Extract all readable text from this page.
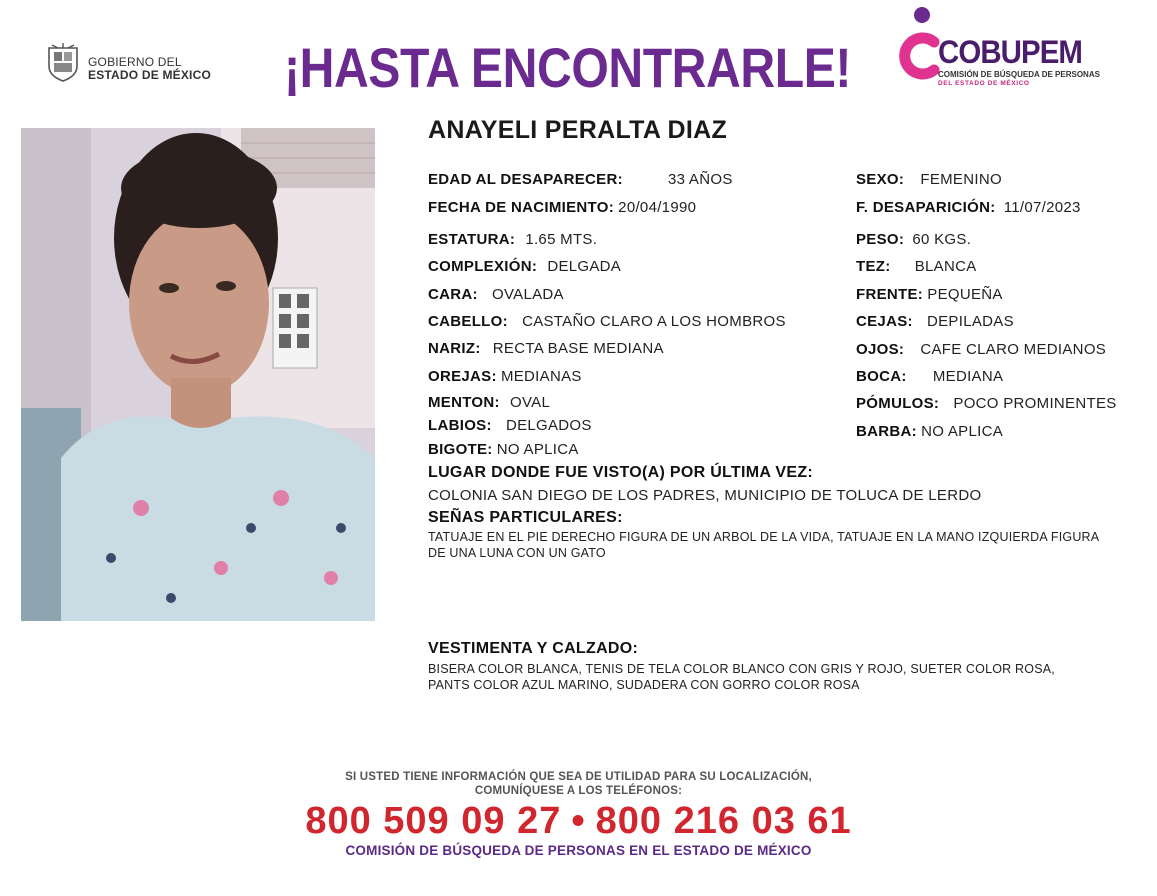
GOBIERNO DEL
ESTADO DE MÉXICO ¡HASTA ENCONTRARLE!	COBUPEM
COMISIÓN DE BÚSQUEDA DE PERSONAS
DEL ESTADO DE MÉXICO
ANAYELI PERALTA DIAZ
EDAD AL DESAPARECER:	33 AÑOS
FECHA DE NACIMIENTO: 20/04/1990
ESTATURA: 1.65 MTS.
COMPLEXIÓN: DELGADA
CARA: OVALADA
CABELLO: CASTAÑO CLARO A LOS HOMBROS
NARIZ: RECTA BASE MEDIANA
OREJAS: MEDIANAS
MENTON: OVAL
LABIOS: DELGADOS
BIGOTE: NO APLICA
SEXO: FEMENINO
F. DESAPARICIÓN: 11/07/2023
PESO: 60 KGS.
TEZ: BLANCA
FRENTE: PEQUEÑA
CEJAS: DEPILADAS
OJOS: CAFE CLARO MEDIANOS
BOCA: MEDIANA
PÓMULOS: POCO PROMINENTES
BARBA: NO APLICA
LUGAR DONDE FUE VISTO(A) POR ÚLTIMA VEZ:
COLONIA SAN DIEGO DE LOS PADRES, MUNICIPIO DE TOLUCA DE LERDO
SEÑAS PARTICULARES:
TATUAJE EN EL PIE DERECHO FIGURA DE UN ARBOL DE LA VIDA, TATUAJE EN LA MANO IZQUIERDA FIGURA
DE UNA LUNA CON UN GATO
VESTIMENTA Y CALZADO:
BISERA COLOR BLANCA, TENIS DE TELA COLOR BLANCO CON GRIS Y ROJO, SUETER COLOR ROSA,
PANTS COLOR AZUL MARINO, SUDADERA CON GORRO COLOR ROSA
SI USTED TIENE INFORMACIÓN QUE SEA DE UTILIDAD PARA SU LOCALIZACIÓN,
COMUNÍQUESE A LOS TELÉFONOS:
800 509 09 27 • 800 216 03 61
COMISIÓN DE BÚSQUEDA DE PERSONAS EN EL ESTADO DE MÉXICO
